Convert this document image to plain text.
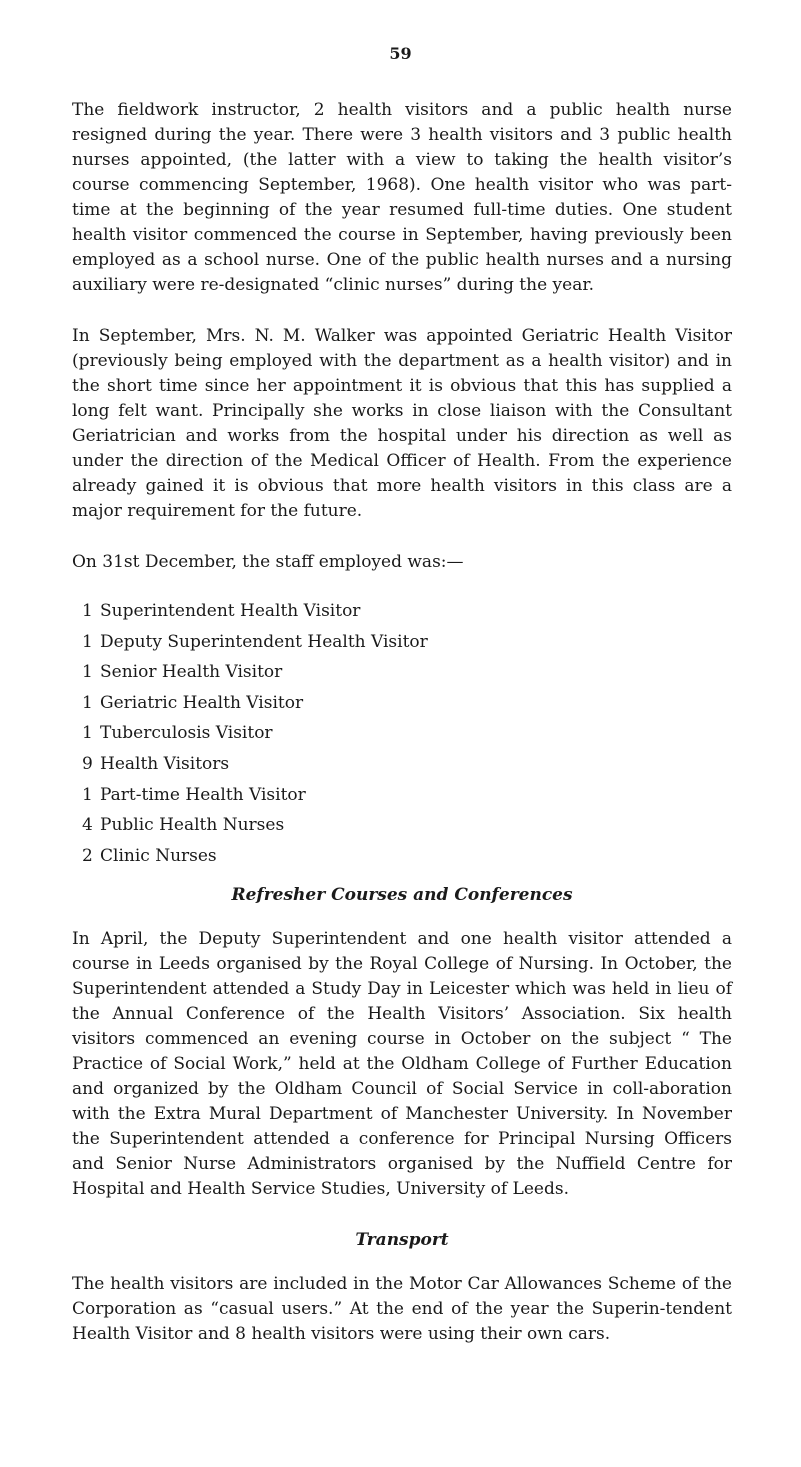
59

The fieldwork instructor, 2 health visitors and a public health nurse resigned during the year. There were 3 health visitors and 3 public health nurses appointed, (the latter with a view to taking the health visitor’s course commencing September, 1968). One health visitor who was part-time at the beginning of the year resumed full-time duties. One student health visitor commenced the course in September, having previously been employed as a school nurse. One of the public health nurses and a nursing auxiliary were re-designated “clinic nurses” during the year.

In September, Mrs. N. M. Walker was appointed Geriatric Health Visitor (previously being employed with the department as a health visitor) and in the short time since her appointment it is obvious that this has supplied a long felt want. Principally she works in close liaison with the Consultant Geriatrician and works from the hospital under his direction as well as under the direction of the Medical Officer of Health. From the experience already gained it is obvious that more health visitors in this class are a major requirement for the future.

On 31st December, the staff employed was:—

1 Superintendent Health Visitor
1 Deputy Superintendent Health Visitor
1 Senior Health Visitor
1 Geriatric Health Visitor
1 Tuberculosis Visitor
9 Health Visitors
1 Part-time Health Visitor
4 Public Health Nurses
2 Clinic Nurses
Refresher Courses and Conferences

In April, the Deputy Superintendent and one health visitor attended a course in Leeds organised by the Royal College of Nursing. In October, the Superintendent attended a Study Day in Leicester which was held in lieu of the Annual Conference of the Health Visitors’ Association. Six health visitors commenced an evening course in October on the subject “ The Practice of Social Work,” held at the Oldham College of Further Education and organized by the Oldham Council of Social Service in coll-aboration with the Extra Mural Department of Manchester University. In November the Superintendent attended a conference for Principal Nursing Officers and Senior Nurse Administrators organised by the Nuffield Centre for Hospital and Health Service Studies, University of Leeds.

Transport

The health visitors are included in the Motor Car Allowances Scheme of the Corporation as “casual users.” At the end of the year the Superin-tendent Health Visitor and 8 health visitors were using their own cars.
